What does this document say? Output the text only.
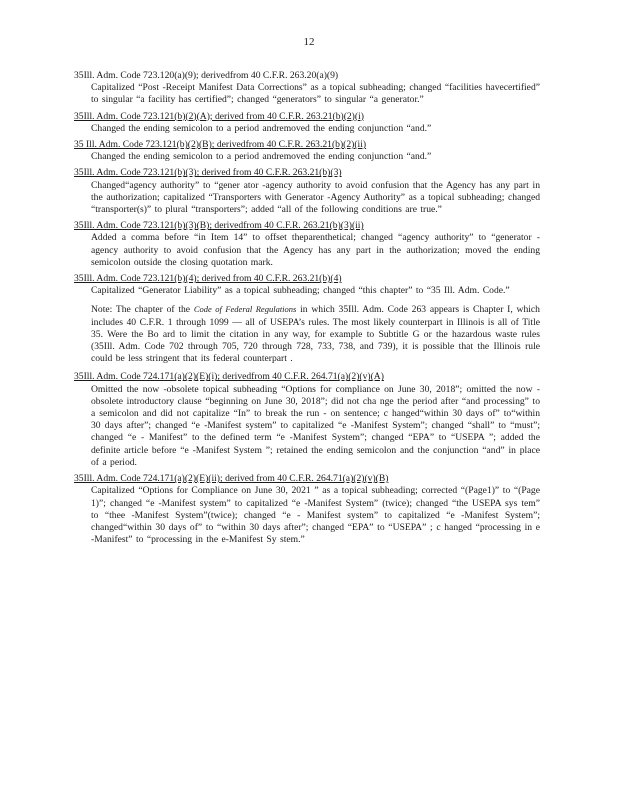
12
35Ill. Adm. Code 723.120(a)(9); derivedfrom 40 C.F.R. 263.20(a)(9)
Capitalized “Post -Receipt Manifest Data Corrections” as a topical subheading; changed “facilities havecertified” to singular “a facility has certified”; changed “generators” to singular “a generator.”
35Ill. Adm. Code 723.121(b)(2)(A); derived from 40 C.F.R. 263.21(b)(2)(i)
Changed the ending semicolon to a period andremoved the ending conjunction “and.”
35 Ill. Adm. Code 723.121(b)(2)(B); derivedfrom 40 C.F.R. 263.21(b)(2)(ii)
Changed the ending semicolon to a period andremoved the ending conjunction “and.”
35Ill. Adm. Code 723.121(b)(3); derived from 40 C.F.R. 263.21(b)(3)
Changed“agency authority” to “gener ator -agency authority to avoid confusion that the Agency has any part in the authorization; capitalized “Transporters with Generator -Agency Authority” as a topical subheading; changed “transporter(s)” to plural “transporters”; added “all of the following conditions are true.”
35Ill. Adm. Code 723.121(b)(3)(B); derivedfrom 40 C.F.R. 263.21(b)(3)(ii)
Added a comma before “in Item 14” to offset theparenthetical; changed “agency authority” to “generator -agency authority to avoid confusion that the Agency has any part in the authorization; moved the ending semicolon outside the closing quotation mark.
35Ill. Adm. Code 723.121(b)(4); derived from 40 C.F.R. 263.21(b)(4)
Capitalized “Generator Liability” as a topical subheading; changed “this chapter” to “35 Ill. Adm. Code.”
Note: The chapter of the Code of Federal Regulations in which 35Ill. Adm. Code 263 appears is Chapter I, which includes 40 C.F.R. 1 through 1099 — all of USEPA’s rules. The most likely counterpart in Illinois is all of Title 35. Were the Bo ard to limit the citation in any way, for example to Subtitle G or the hazardous waste rules (35Ill. Adm. Code 702 through 705, 720 through 728, 733, 738, and 739), it is possible that the Illinois rule could be less stringent that its federal counterpart .
35Ill. Adm. Code 724.171(a)(2)(E)(i); derivedfrom 40 C.F.R. 264.71(a)(2)(v)(A)
Omitted the now -obsolete topical subheading “Options for compliance on June 30, 2018”; omitted the now -obsolete introductory clause “beginning on June 30, 2018”; did not cha nge the period after “and processing” to a semicolon and did not capitalize “In” to break the run - on sentence; c hanged“within 30 days of” to“within 30 days after”; changed “e -Manifest system” to capitalized “e -Manifest System”; changed “shall” to “must”; changed “e - Manifest” to the defined term “e -Manifest System”; changed “EPA” to “USEPA ”; added the definite article before “e -Manifest System ”; retained the ending semicolon and the conjunction “and” in place of a period.
35Ill. Adm. Code 724.171(a)(2)(E)(ii); derived from 40 C.F.R. 264.71(a)(2)(v)(B)
Capitalized “Options for Compliance on June 30, 2021 ” as a topical subheading; corrected “(Page1)” to “(Page 1)”; changed “e -Manifest system” to capitalized “e -Manifest System” (twice); changed “the USEPA sys tem” to “thee -Manifest System”(twice); changed “e - Manifest system” to capitalized “e -Manifest System”; changed“within 30 days of” to “within 30 days after”; changed “EPA” to “USEPA” ; c hanged “processing in e -Manifest” to “processing in the e-Manifest Sy stem.”
